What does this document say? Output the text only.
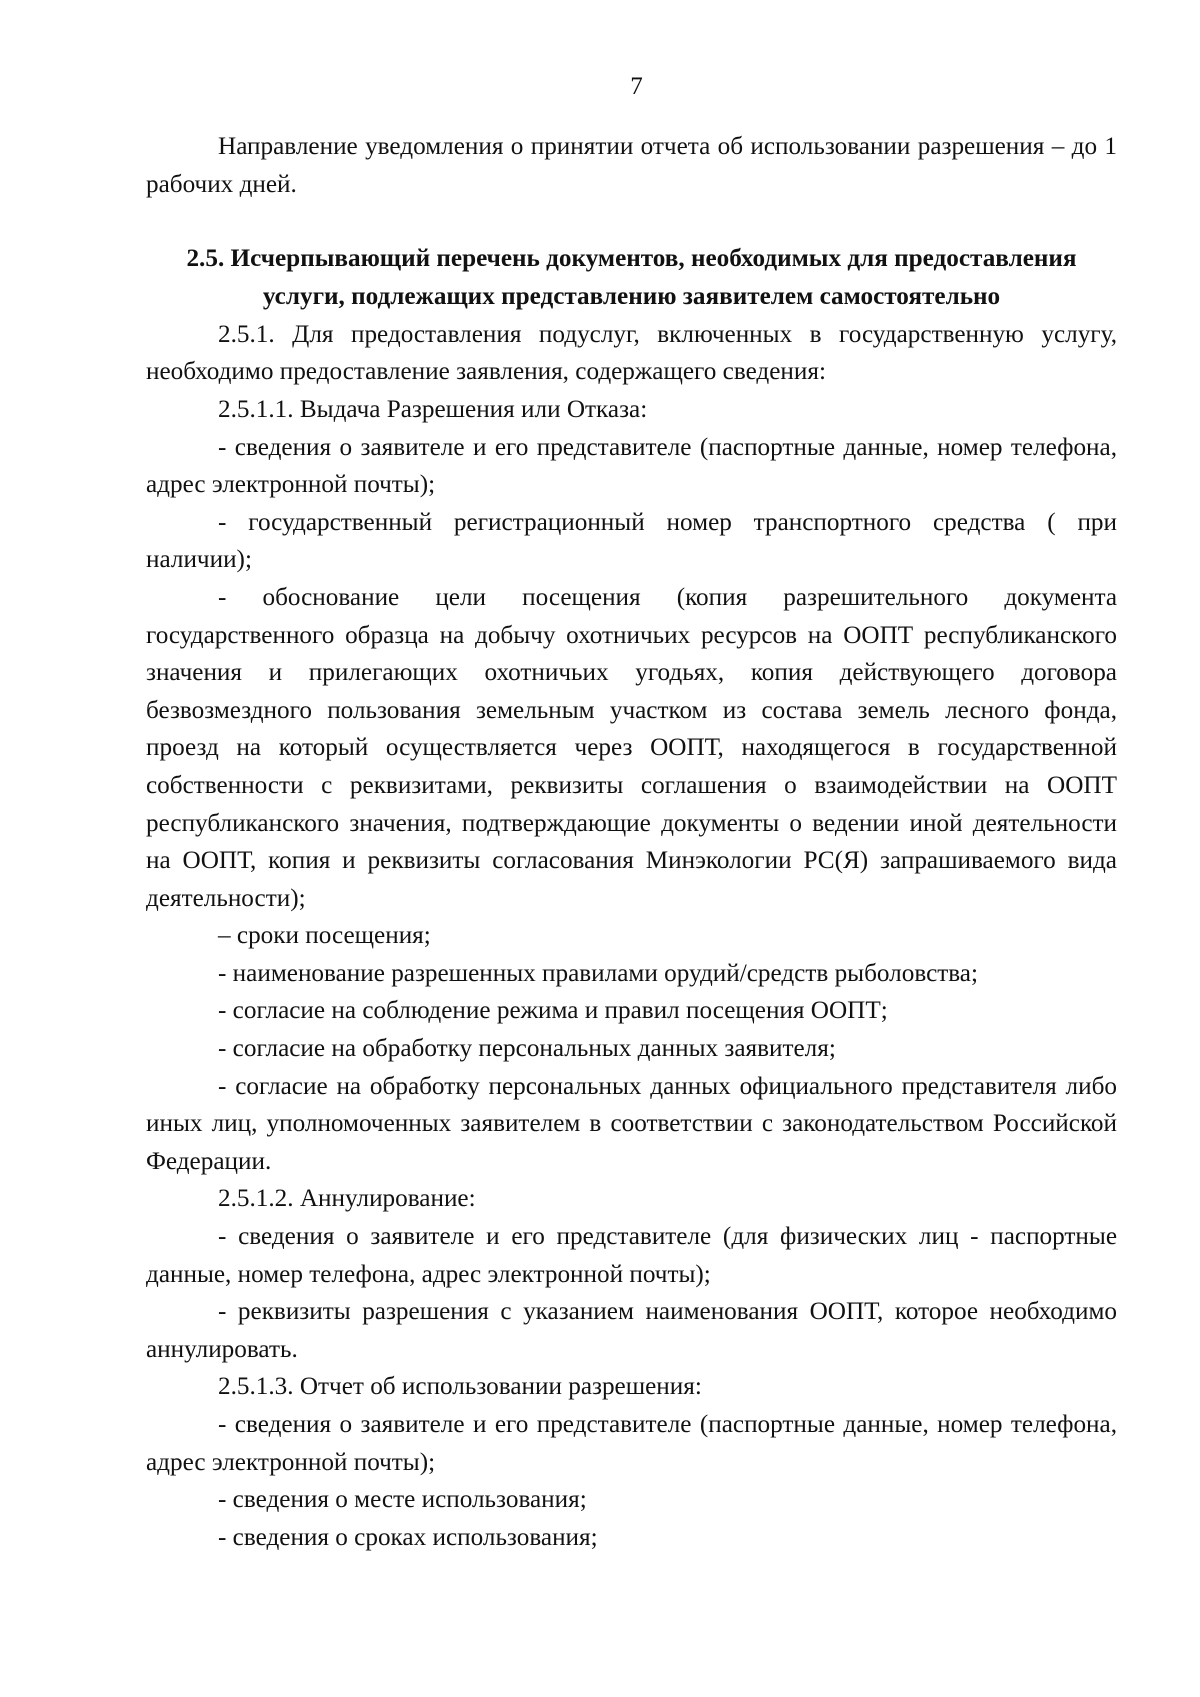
7

Направление уведомления о принятии отчета об использовании разрешения – до 1 рабочих дней.

2.5. Исчерпывающий перечень документов, необходимых для предоставления услуги, подлежащих представлению заявителем самостоятельно

2.5.1. Для предоставления подуслуг, включенных в государственную услугу, необходимо предоставление заявления, содержащего сведения:

2.5.1.1. Выдача Разрешения или Отказа:

- сведения о заявителе и его представителе (паспортные данные, номер телефона, адрес электронной почты);

- государственный регистрационный номер транспортного средства ( при наличии);

- обоснование цели посещения (копия разрешительного документа государственного образца на добычу охотничьих ресурсов на ООПТ республиканского значения и прилегающих охотничьих угодьях, копия действующего договора безвозмездного пользования земельным участком из состава земель лесного фонда, проезд на который осуществляется через ООПТ, находящегося в государственной собственности с реквизитами, реквизиты соглашения о взаимодействии на ООПТ республиканского значения, подтверждающие документы о ведении иной деятельности на ООПТ, копия и реквизиты согласования Минэкологии РС(Я) запрашиваемого вида деятельности);

– сроки посещения;

- наименование разрешенных правилами орудий/средств рыболовства;

- согласие на соблюдение режима и правил посещения ООПТ;

- согласие на обработку персональных данных заявителя;

- согласие на обработку персональных данных официального представителя либо иных лиц, уполномоченных заявителем в соответствии с законодательством Российской Федерации.

2.5.1.2. Аннулирование:

- сведения о заявителе и его представителе (для физических лиц - паспортные данные, номер телефона, адрес электронной почты);

- реквизиты разрешения с указанием наименования ООПТ, которое необходимо аннулировать.

2.5.1.3. Отчет об использовании разрешения:

- сведения о заявителе и его представителе (паспортные данные, номер телефона, адрес электронной почты);

- сведения о месте использования;

- сведения о сроках использования;
